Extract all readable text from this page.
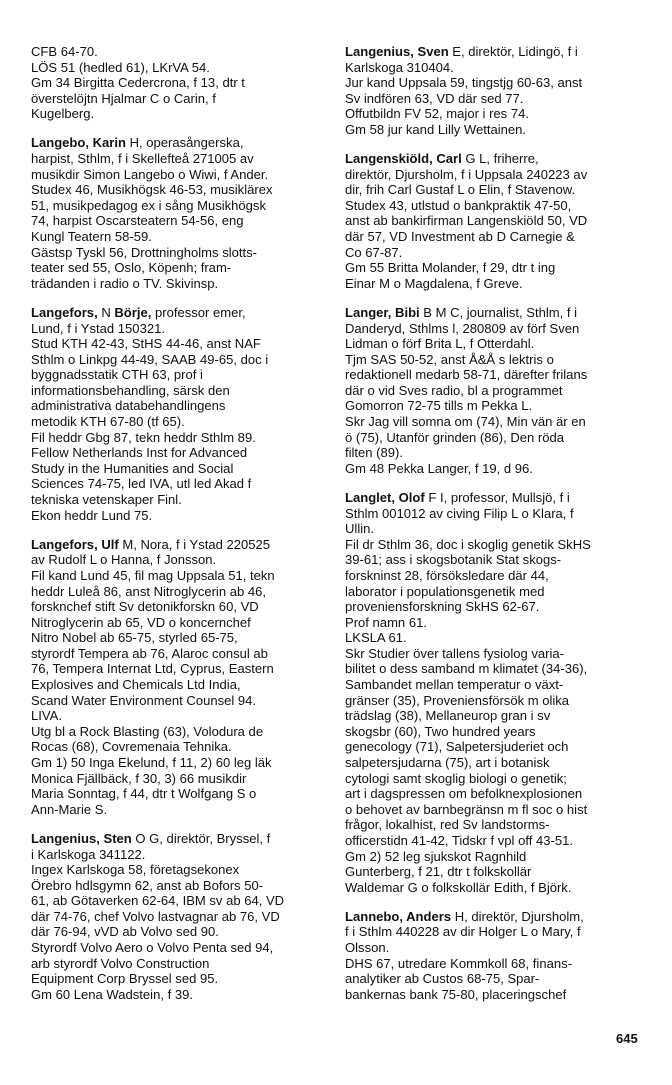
CFB 64-70.
LÖS 51 (hedled 61), LKrVA 54.
Gm 34 Birgitta Cedercrona, f 13, dtr t
överstelöjtn Hjalmar C o Carin, f
Kugelberg.
Langebo, Karin H, operasångerska,
harpist, Sthlm, f i Skellefteå 271005 av
musikdir Simon Langebo o Wiwi, f Ander.
Studex 46, Musikhögsk 46-53, musiklärex
51, musikpedagog ex i sång Musikhögsk
74, harpist Oscarsteatern 54-56, eng
Kungl Teatern 58-59.
Gästsp Tyskl 56, Drottningholms slotts-
teater sed 55, Oslo, Köpenh; fram-
trädanden i radio o TV. Skivinsp.
Langefors, N Börje, professor emer,
Lund, f i Ystad 150321.
Stud KTH 42-43, StHS 44-46, anst NAF
Sthlm o Linkpg 44-49, SAAB 49-65, doc i
byggnadsstatik CTH 63, prof i
informationsbehandling, särsk den
administrativa databehandlingens
metodik KTH 67-80 (tf 65).
Fil heddr Gbg 87, tekn heddr Sthlm 89.
Fellow Netherlands Inst for Advanced
Study in the Humanities and Social
Sciences 74-75, led IVA, utl led Akad f
tekniska vetenskaper Finl.
Ekon heddr Lund 75.
Langefors, Ulf M, Nora, f i Ystad 220525
av Rudolf L o Hanna, f Jonsson.
Fil kand Lund 45, fil mag Uppsala 51, tekn
heddr Luleå 86, anst Nitroglycerin ab 46,
forsknchef stift Sv detonikforskn 60, VD
Nitroglycerin ab 65, VD o koncernchef
Nitro Nobel ab 65-75, styrled 65-75,
styrordf Tempera ab 76, Alaroc consul ab
76, Tempera Internat Ltd, Cyprus, Eastern
Explosives and Chemicals Ltd India,
Scand Water Environment Counsel 94.
LIVA.
Utg bl a Rock Blasting (63), Volodura de
Rocas (68), Covremenaia Tehnika.
Gm 1) 50 Inga Ekelund, f 11, 2) 60 leg läk
Monica Fjällbäck, f 30, 3) 66 musikdir
Maria Sonntag, f 44, dtr t Wolfgang S o
Ann-Marie S.
Langenius, Sten O G, direktör, Bryssel, f
i Karlskoga 341122.
Ingex Karlskoga 58, företagsekonex
Örebro hdlsgymn 62, anst ab Bofors 50-
61, ab Götaverken 62-64, IBM sv ab 64, VD
där 74-76, chef Volvo lastvagnar ab 76, VD
där 76-94, vVD ab Volvo sed 90.
Styrordf Volvo Aero o Volvo Penta sed 94,
arb styrordf Volvo Construction
Equipment Corp Bryssel sed 95.
Gm 60 Lena Wadstein, f 39.
Langenius, Sven E, direktör, Lidingö, f i
Karlskoga 310404.
Jur kand Uppsala 59, tingstjg 60-63, anst
Sv indfören 63, VD där sed 77.
Offutbildn FV 52, major i res 74.
Gm 58 jur kand Lilly Wettainen.
Langenskiöld, Carl G L, friherre,
direktör, Djursholm, f i Uppsala 240223 av
dir, frih Carl Gustaf L o Elin, f Stavenow.
Studex 43, utlstud o bankpraktik 47-50,
anst ab bankirfirman Langenskiöld 50, VD
där 57, VD Investment ab D Carnegie &
Co 67-87.
Gm 55 Britta Molander, f 29, dtr t ing
Einar M o Magdalena, f Greve.
Langer, Bibi B M C, journalist, Sthlm, f i
Danderyd, Sthlms l, 280809 av förf Sven
Lidman o förf Brita L, f Otterdahl.
Tjm SAS 50-52, anst Å&Å s lektris o
redaktionell medarb 58-71, därefter frilans
där o vid Sves radio, bl a programmet
Gomorron 72-75 tills m Pekka L.
Skr Jag vill somna om (74), Min vän är en
ö (75), Utanför grinden (86), Den röda
filten (89).
Gm 48 Pekka Langer, f 19, d 96.
Langlet, Olof F I, professor, Mullsjö, f i
Sthlm 001012 av civing Filip L o Klara, f
Ullin.
Fil dr Sthlm 36, doc i skoglig genetik SkHS
39-61; ass i skogsbotanik Stat skogs-
forskninst 28, försöksledare där 44,
laborator i populationsgenetik med
proveniensforskning SkHS 62-67.
Prof namn 61.
LKSLA 61.
Skr Studier över tallens fysiolog varia-
bilitet o dess samband m klimatet (34-36),
Sambandet mellan temperatur o växt-
gränser (35), Proveniensförsök m olika
trädslag (38), Mellaneurop gran i sv
skogsbr (60), Two hundred years
genecology (71), Salpetersjuderiet och
salpetersjudarna (75), art i botanisk
cytologi samt skoglig biologi o genetik;
art i dagspressen om befolknexplosionen
o behovet av barnbegränsn m fl soc o hist
frågor, lokalhist, red Sv landstorms-
officerstidn 41-42, Tidskr f vpl off 43-51.
Gm 2) 52 leg sjukskot Ragnhild
Gunterberg, f 21, dtr t folkskollär
Waldemar G o folkskollär Edith, f Björk.
Lannebo, Anders H, direktör, Djursholm,
f i Sthlm 440228 av dir Holger L o Mary, f
Olsson.
DHS 67, utredare Kommkoll 68, finans-
analytiker ab Custos 68-75, Spar-
bankernas bank 75-80, placeringschef
645
